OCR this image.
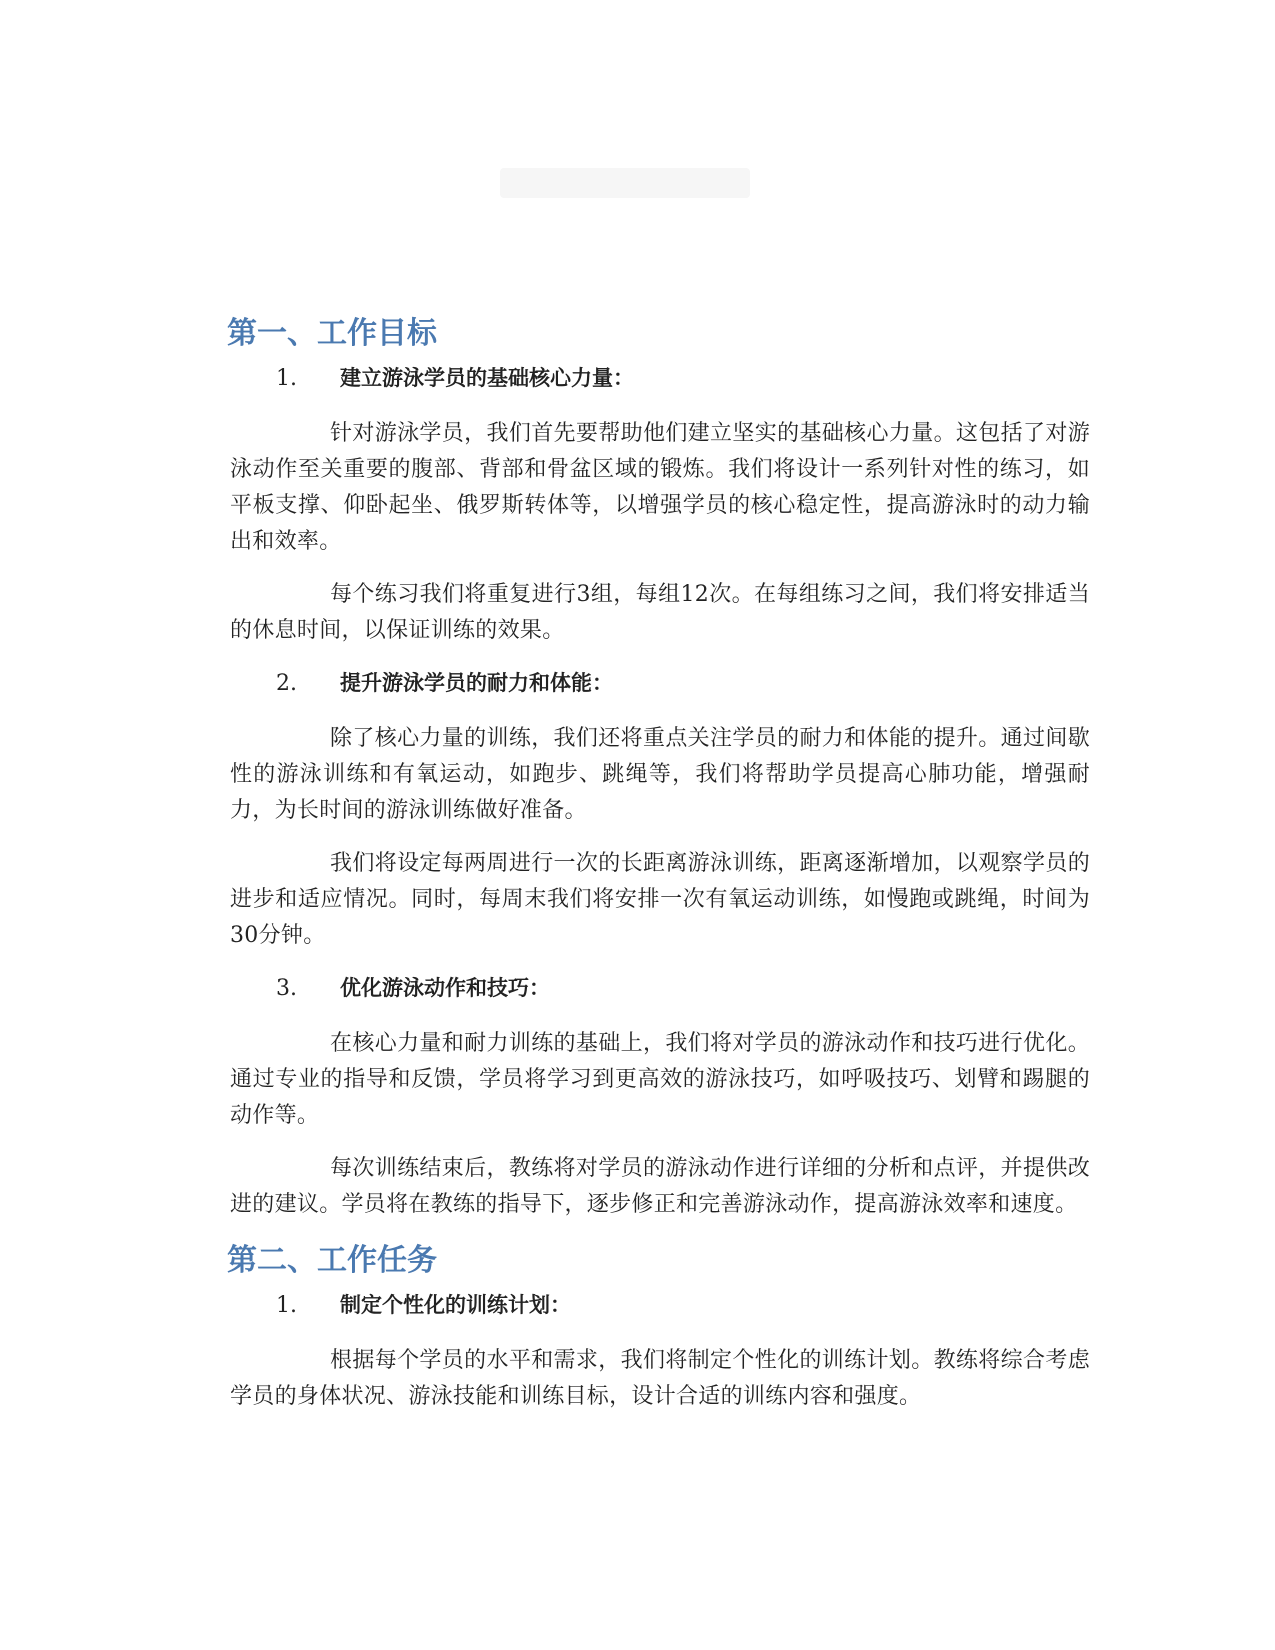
第一、工作目标
1.	建立游泳学员的基础核心力量：

针对游泳学员，我们首先要帮助他们建立坚实的基础核心力量。这包括了对游泳动作至关重要的腹部、背部和骨盆区域的锻炼。我们将设计一系列针对性的练习，如平板支撑、仰卧起坐、俄罗斯转体等，以增强学员的核心稳定性，提高游泳时的动力输出和效率。

每个练习我们将重复进行3组，每组12次。在每组练习之间，我们将安排适当的休息时间，以保证训练的效果。

2.	提升游泳学员的耐力和体能：

除了核心力量的训练，我们还将重点关注学员的耐力和体能的提升。通过间歇性的游泳训练和有氧运动，如跑步、跳绳等，我们将帮助学员提高心肺功能，增强耐力，为长时间的游泳训练做好准备。

我们将设定每两周进行一次的长距离游泳训练，距离逐渐增加，以观察学员的进步和适应情况。同时，每周末我们将安排一次有氧运动训练，如慢跑或跳绳，时间为30分钟。

3.	优化游泳动作和技巧：

在核心力量和耐力训练的基础上，我们将对学员的游泳动作和技巧进行优化。通过专业的指导和反馈，学员将学习到更高效的游泳技巧，如呼吸技巧、划臂和踢腿的动作等。

每次训练结束后，教练将对学员的游泳动作进行详细的分析和点评，并提供改进的建议。学员将在教练的指导下，逐步修正和完善游泳动作，提高游泳效率和速度。

第二、工作任务
1.	制定个性化的训练计划：

根据每个学员的水平和需求，我们将制定个性化的训练计划。教练将综合考虑学员的身体状况、游泳技能和训练目标，设计合适的训练内容和强度。
